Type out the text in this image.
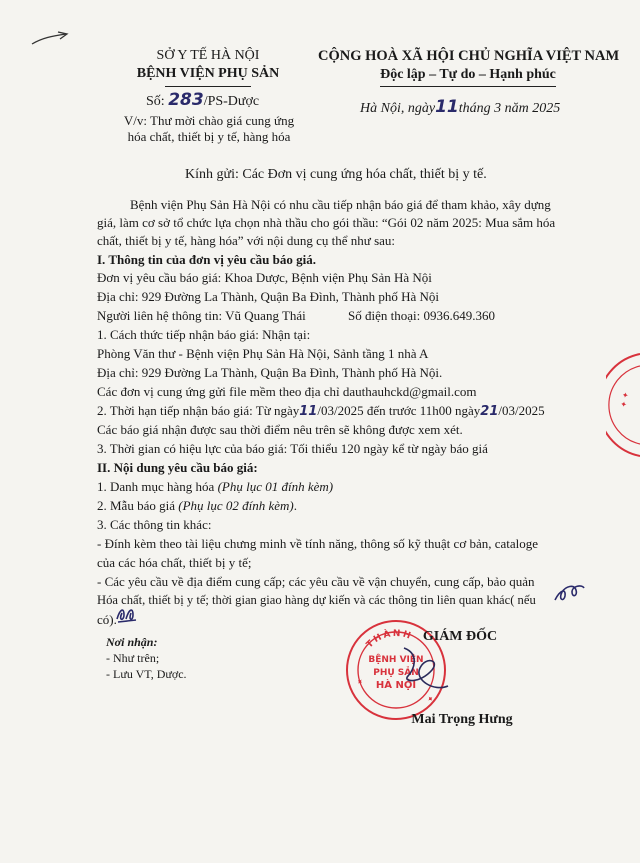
SỞ Y TẾ HÀ NỘI
BỆNH VIỆN PHỤ SẢN
Số: 283/PS-Dược
V/v: Thư mời chào giá cung ứng
hóa chất, thiết bị y tế, hàng hóa
CỘNG HOÀ XÃ HỘI CHỦ NGHĨA VIỆT NAM
Độc lập – Tự do – Hạnh phúc
Hà Nội, ngày11tháng 3 năm 2025
Kính gửi: Các Đơn vị cung ứng hóa chất, thiết bị y tế.
Bệnh viện Phụ Sản Hà Nội có nhu cầu tiếp nhận báo giá để tham khảo, xây dựng
giá, làm cơ sở tổ chức lựa chọn nhà thầu cho gói thầu: “Gói 02 năm 2025: Mua sắm hóa
chất, thiết bị y tế, hàng hóa” với nội dung cụ thể như sau:
I. Thông tin của đơn vị yêu cầu báo giá.
Đơn vị yêu cầu báo giá: Khoa Dược, Bệnh viện Phụ Sản Hà Nội
Địa chỉ: 929 Đường La Thành, Quận Ba Đình, Thành phố Hà Nội
Người liên hệ thông tin: Vũ Quang Thái	Số điện thoại: 0936.649.360
1. Cách thức tiếp nhận báo giá: Nhận tại:
Phòng Văn thư - Bệnh viện Phụ Sản Hà Nội, Sảnh tầng 1 nhà A
Địa chỉ: 929 Đường La Thành, Quận Ba Đình, Thành phố Hà Nội.
Các đơn vị cung ứng gửi file mềm theo địa chỉ dauthauhckd@gmail.com
2. Thời hạn tiếp nhận báo giá: Từ ngày11/03/2025 đến trước 11h00 ngày21/03/2025
Các báo giá nhận được sau thời điểm nêu trên sẽ không được xem xét.
3. Thời gian có hiệu lực của báo giá: Tối thiểu 120 ngày kể từ ngày báo giá
II. Nội dung yêu cầu báo giá:
1. Danh mục hàng hóa (Phụ lục 01 đính kèm)
2. Mẫu báo giá (Phụ lục 02 đính kèm).
3. Các thông tin khác:
- Đính kèm theo tài liệu chưng minh về tính năng, thông số kỹ thuật cơ bản, cataloge
của các hóa chất, thiết bị y tế;
- Các yêu cầu về địa điểm cung cấp; các yêu cầu về vận chuyển, cung cấp, bảo quản
Hóa chất, thiết bị y tế; thời gian giao hàng dự kiến và các thông tin liên quan khác( nếu
có).
Nơi nhận:
- Như trên;
- Lưu VT, Dược.
THÀNH
BỆNH VIỆN
PHỤ SẢN
HÀ NỘI
✦
✦
GIÁM ĐỐC
Mai Trọng Hưng
✦ ✦
